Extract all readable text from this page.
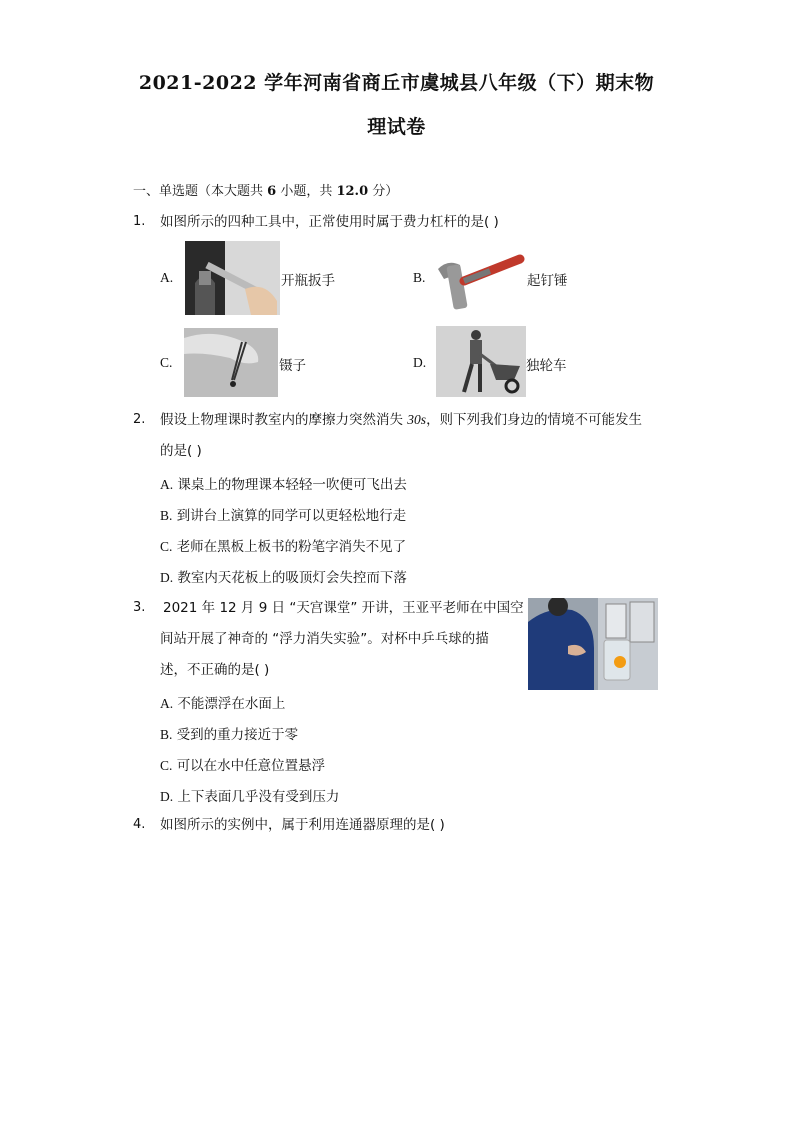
2021-2022 学年河南省商丘市虞城县八年级（下）期末物
理试卷
一、单选题（本大题共 6 小题，共 12.0 分）
1. 如图所示的四种工具中，正常使用时属于费力杠杆的是( )
A.	开瓶扳手	B.	起钉锤
C.	镊子	D.	独轮车
2. 假设上物理课时教室内的摩擦力突然消失 30s，则下列我们身边的情境不可能发生
的是( )
A. 课桌上的物理课本轻轻一吹便可飞出去
B. 到讲台上演算的同学可以更轻松地行走
C. 老师在黑板上板书的粉笔字消失不见了
D. 教室内天花板上的吸顶灯会失控而下落
3. 2021 年 12 月 9 日 “天宫课堂” 开讲，王亚平老师在中国空
间站开展了神奇的 “浮力消失实验”。对杯中乒乓球的描
述，不正确的是( )
A. 不能漂浮在水面上
B. 受到的重力接近于零
C. 可以在水中任意位置悬浮
D. 上下表面几乎没有受到压力
4. 如图所示的实例中，属于利用连通器原理的是( )
